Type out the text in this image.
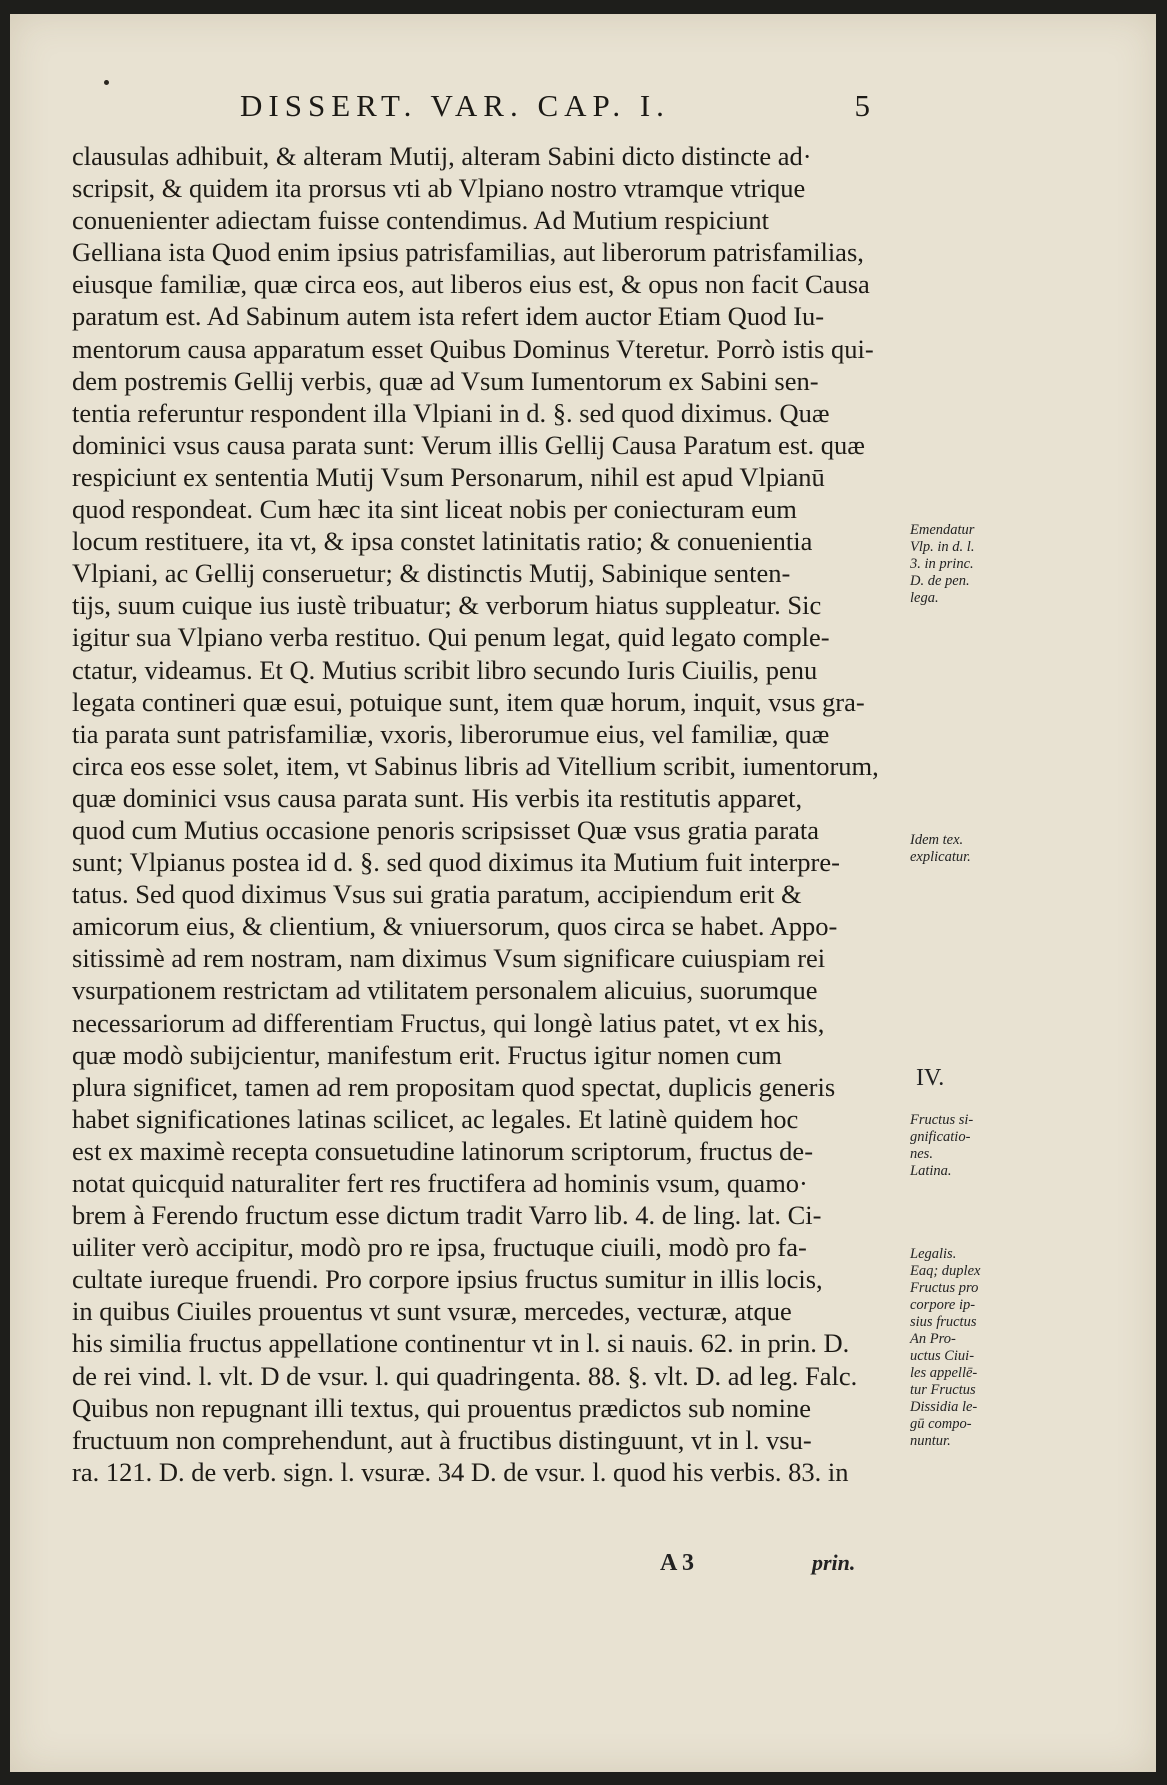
DISSERT. VAR. CAP. I.	5
clausulas adhibuit, & alteram Mutij, alteram Sabini dicto distincte ad·
scripsit, & quidem ita prorsus vti ab Vlpiano nostro vtramque vtrique
conuenienter adiectam fuisse contendimus. Ad Mutium respiciunt
Gelliana ista Quod enim ipsius patrisfamilias, aut liberorum patrisfamilias,
eiusque familiæ, quæ circa eos, aut liberos eius est, & opus non facit Causa
paratum est. Ad Sabinum autem ista refert idem auctor Etiam Quod Iu-
mentorum causa apparatum esset Quibus Dominus Vteretur. Porrò istis qui-
dem postremis Gellij verbis, quæ ad Vsum Iumentorum ex Sabini sen-
tentia referuntur respondent illa Vlpiani in d. §. sed quod diximus. Quæ
dominici vsus causa parata sunt: Verum illis Gellij Causa Paratum est. quæ
respiciunt ex sententia Mutij Vsum Personarum, nihil est apud Vlpianū
quod respondeat. Cum hæc ita sint liceat nobis per coniecturam eum
locum restituere, ita vt, & ipsa constet latinitatis ratio; & conuenientia
Vlpiani, ac Gellij conseruetur; & distinctis Mutij, Sabinique senten-
tijs, suum cuique ius iustè tribuatur; & verborum hiatus suppleatur. Sic
igitur sua Vlpiano verba restituo. Qui penum legat, quid legato comple-
ctatur, videamus. Et Q. Mutius scribit libro secundo Iuris Ciuilis, penu
legata contineri quæ esui, potuique sunt, item quæ horum, inquit, vsus gra-
tia parata sunt patrisfamiliæ, vxoris, liberorumue eius, vel familiæ, quæ
circa eos esse solet, item, vt Sabinus libris ad Vitellium scribit, iumentorum,
quæ dominici vsus causa parata sunt. His verbis ita restitutis apparet,
quod cum Mutius occasione penoris scripsisset Quæ vsus gratia parata
sunt; Vlpianus postea id d. §. sed quod diximus ita Mutium fuit interpre-
tatus. Sed quod diximus Vsus sui gratia paratum, accipiendum erit &
amicorum eius, & clientium, & vniuersorum, quos circa se habet. Appo-
sitissimè ad rem nostram, nam diximus Vsum significare cuiuspiam rei
vsurpationem restrictam ad vtilitatem personalem alicuius, suorumque
necessariorum ad differentiam Fructus, qui longè latius patet, vt ex his,
quæ modò subijcientur, manifestum erit. Fructus igitur nomen cum
plura significet, tamen ad rem propositam quod spectat, duplicis generis
habet significationes latinas scilicet, ac legales. Et latinè quidem hoc
est ex maximè recepta consuetudine latinorum scriptorum, fructus de-
notat quicquid naturaliter fert res fructifera ad hominis vsum, quamo·
brem à Ferendo fructum esse dictum tradit Varro lib. 4. de ling. lat. Ci-
uiliter verò accipitur, modò pro re ipsa, fructuque ciuili, modò pro fa-
cultate iureque fruendi. Pro corpore ipsius fructus sumitur in illis locis,
in quibus Ciuiles prouentus vt sunt vsuræ, mercedes, vecturæ, atque
his similia fructus appellatione continentur vt in l. si nauis. 62. in prin. D.
de rei vind. l. vlt. D de vsur. l. qui quadringenta. 88. §. vlt. D. ad leg. Falc.
Quibus non repugnant illi textus, qui prouentus prædictos sub nomine
fructuum non comprehendunt, aut à fructibus distinguunt, vt in l. vsu-
ra. 121. D. de verb. sign. l. vsuræ. 34 D. de vsur. l. quod his verbis. 83. in
Emendatur
Vlp. in d. l.
3. in princ.
D. de pen.
lega.
Idem tex.
explicatur.
IV.
Fructus si-
gnificatio-
nes.
Latina.
Legalis.
Eaq; duplex
Fructus pro
corpore ip-
sius fructus
An Pro-
uctus Ciui-
les appellē-
tur Fructus
Dissidia le-
gū compo-
nuntur.
A 3	prin.
